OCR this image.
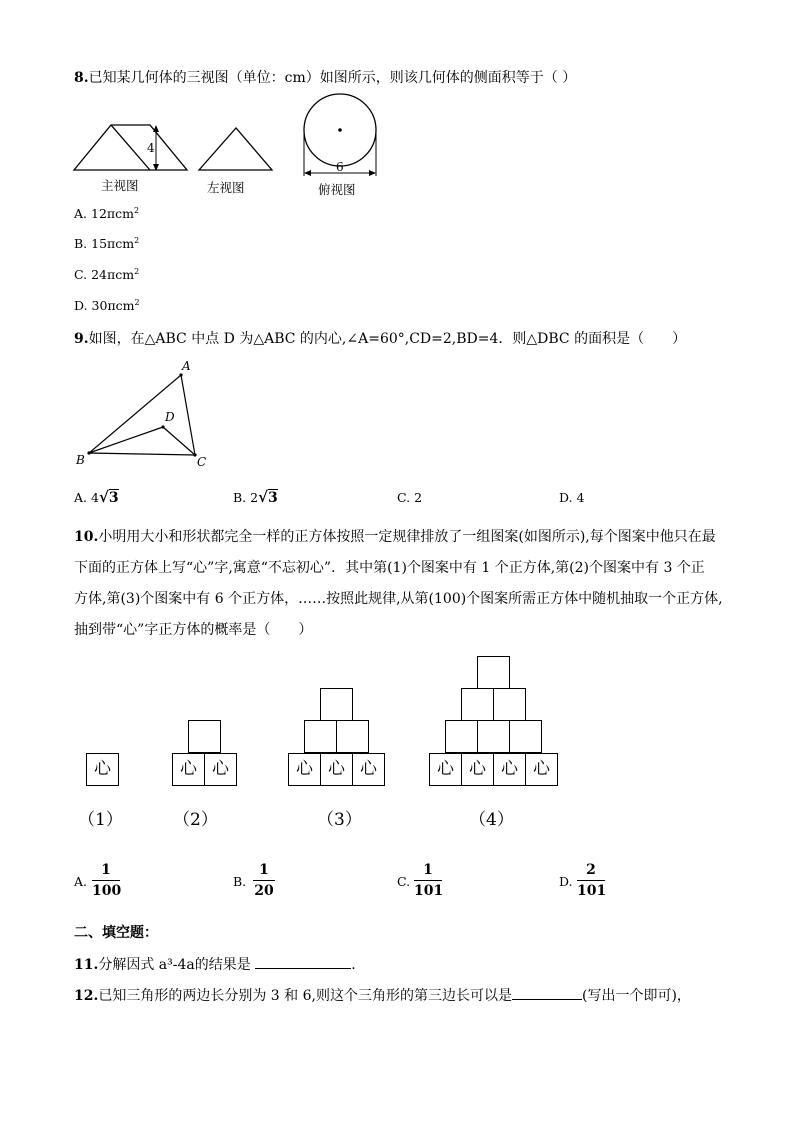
8.已知某几何体的三视图（单位：cm）如图所示，则该几何体的侧面积等于（ ）
4
6
主视图	左视图	俯视图
A. 12πcm$^2$
B. 15πcm$^2$
C. 24πcm$^2$
D. 30πcm$^2$
9.如图，在△ABC 中点 D 为△ABC 的内心,∠A=60°,CD=2,BD=4．则△DBC 的面积是（　　）
A
B	C
D
A. 4√3	B. 2√3	C. 2	D. 4
10.小明用大小和形状都完全一样的正方体按照一定规律排放了一组图案(如图所示),每个图案中他只在最
下面的正方体上写“心”字,寓意“不忘初心”．其中第(1)个图案中有 1 个正方体,第(2)个图案中有 3 个正
方体,第(3)个图案中有 6 个正方体，……按照此规律,从第(100)个图案所需正方体中随机抽取一个正方体,
抽到带“心”字正方体的概率是（　　）
心	心 心	心 心 心	心 心 心 心
（1）	（2）	（3）	（4）
A.
1
100
B.
1
20
C.
1
101
D.
2
101
二、填空题：
11.分解因式 a³-4a的结果是	.
12.已知三角形的两边长分别为 3 和 6,则这个三角形的第三边长可以是	(写出一个即可)，
